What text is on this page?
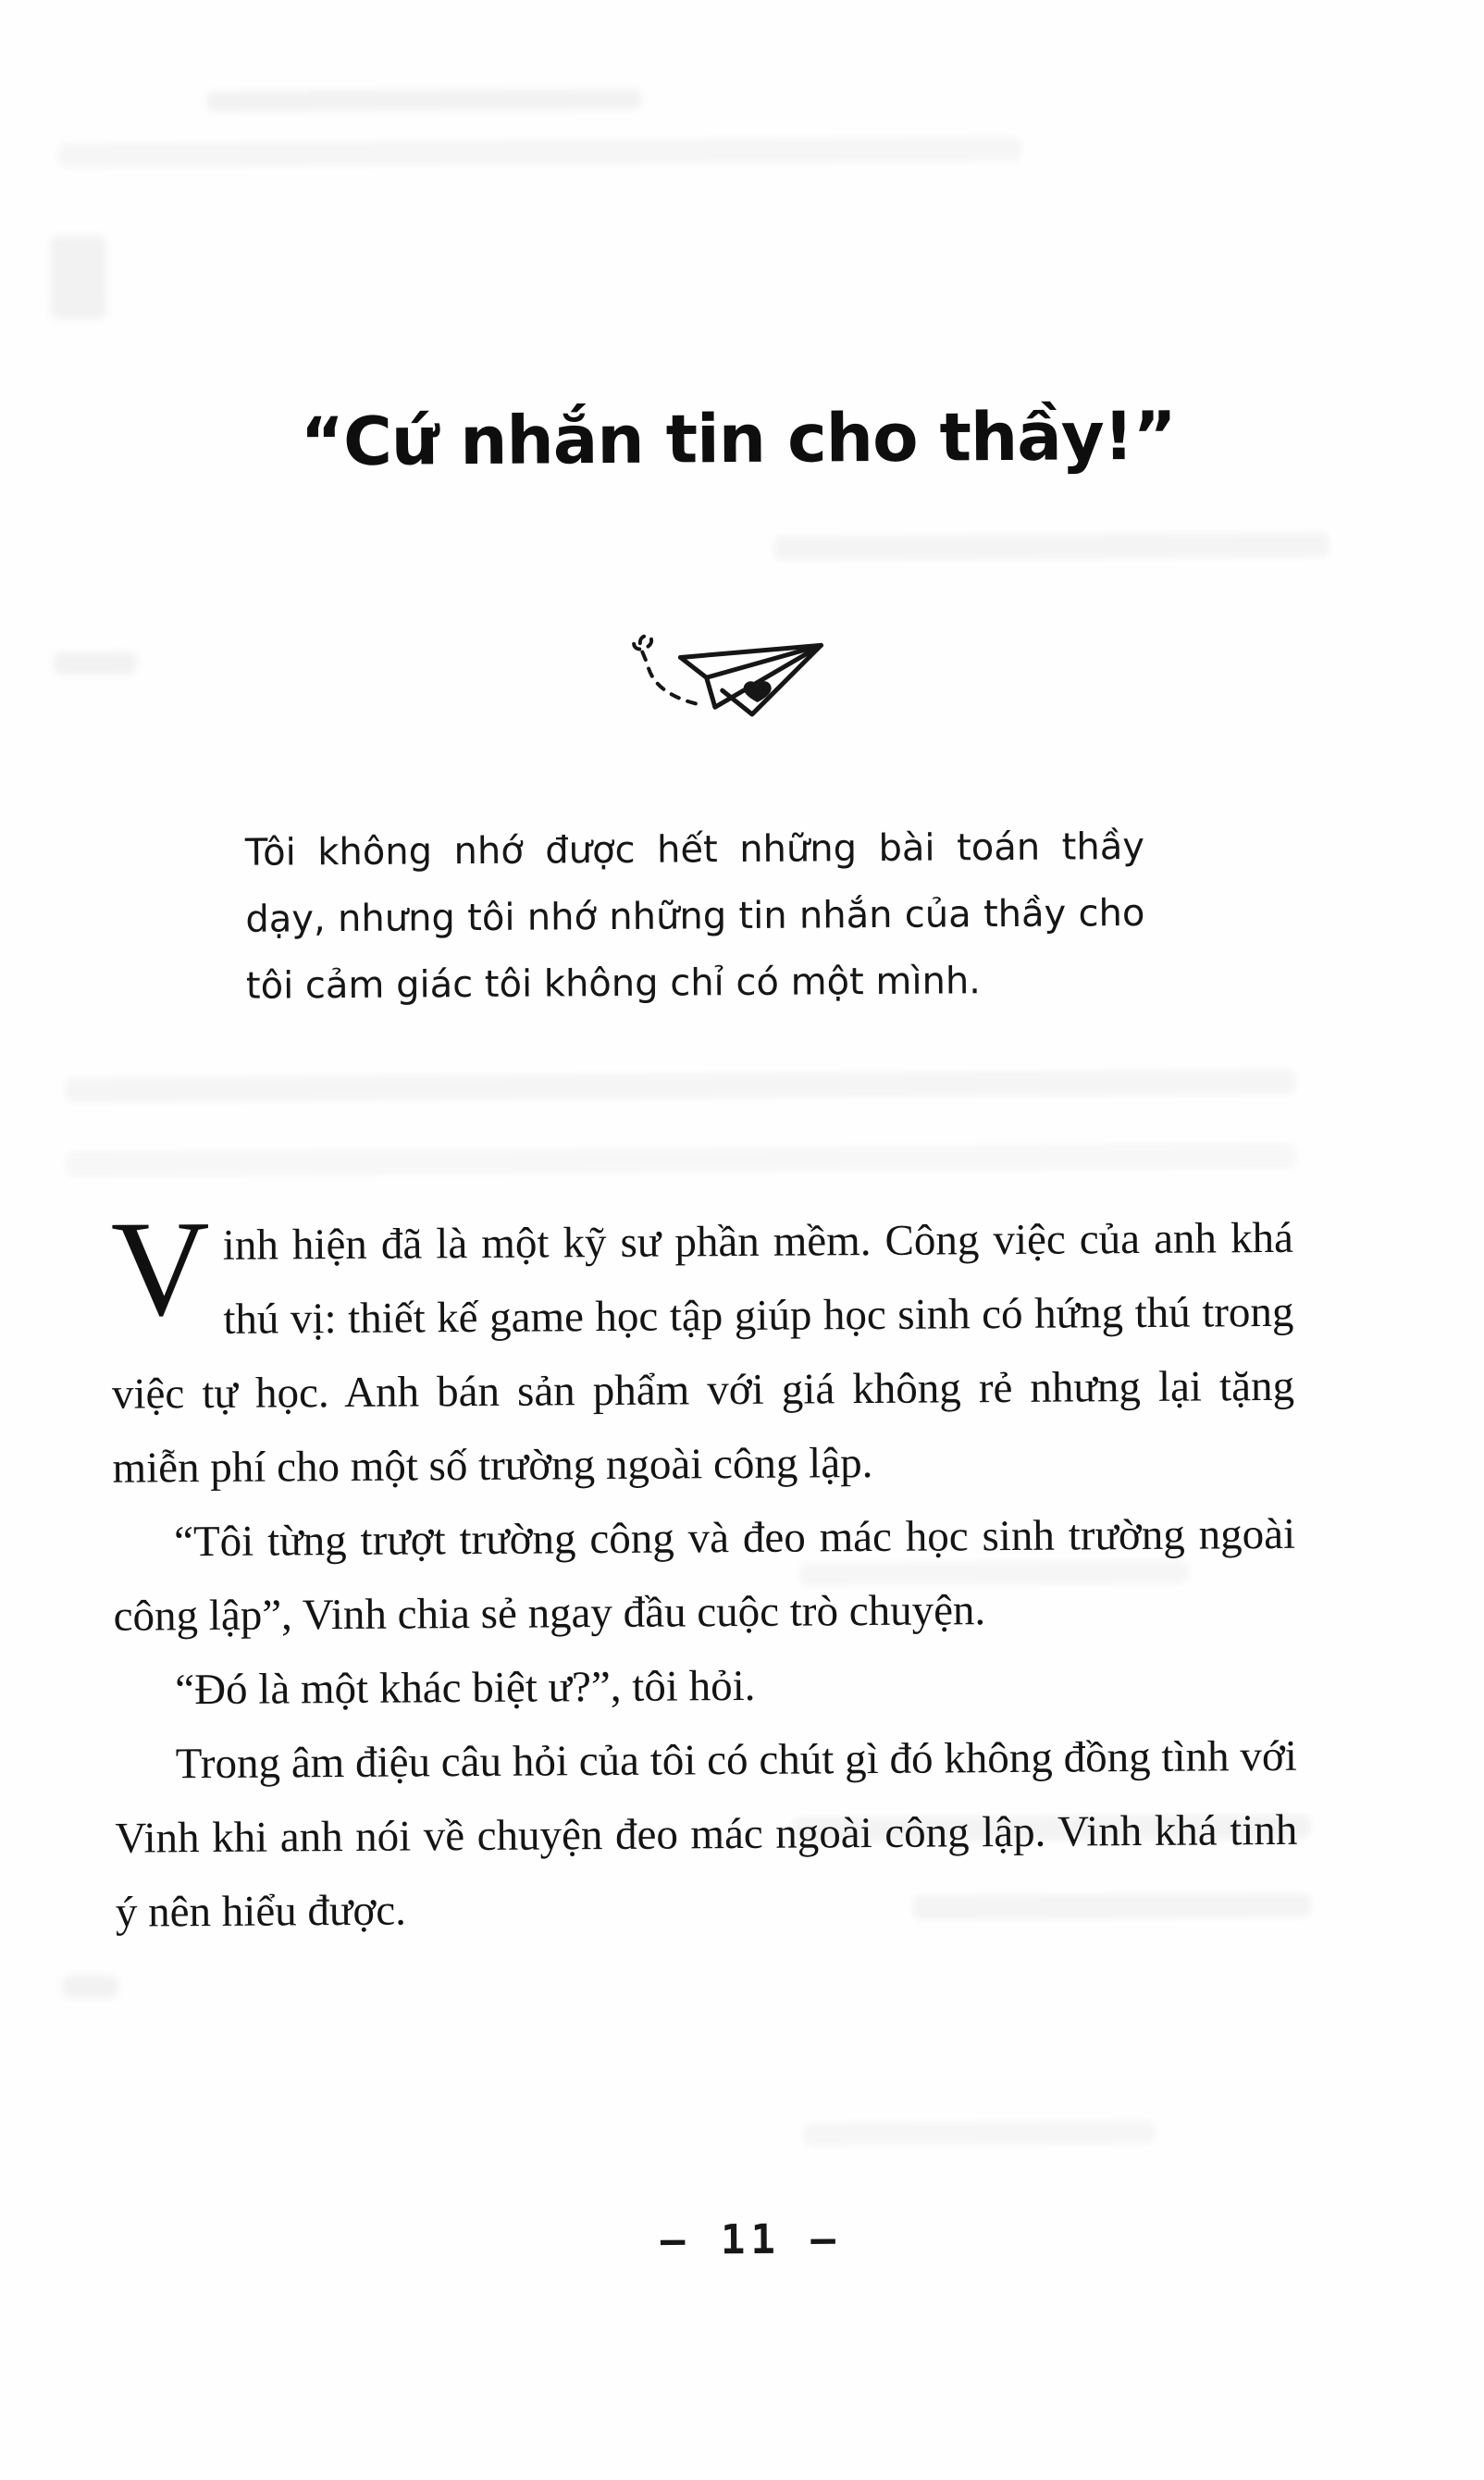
“Cứ nhắn tin cho thầy!”
Tôi không nhớ được hết những bài toán thầy dạy, nhưng tôi nhớ những tin nhắn của thầy cho tôi cảm giác tôi không chỉ có một mình.

Vinh hiện đã là một kỹ sư phần mềm. Công việc của anh khá thú vị: thiết kế game học tập giúp học sinh có hứng thú trong việc tự học. Anh bán sản phẩm với giá không rẻ nhưng lại tặng miễn phí cho một số trường ngoài công lập.

“Tôi từng trượt trường công và đeo mác học sinh trường ngoài công lập”, Vinh chia sẻ ngay đầu cuộc trò chuyện.

“Đó là một khác biệt ư?”, tôi hỏi.

Trong âm điệu câu hỏi của tôi có chút gì đó không đồng tình với Vinh khi anh nói về chuyện đeo mác ngoài công lập. Vinh khá tinh ý nên hiểu được.

— 11 —
